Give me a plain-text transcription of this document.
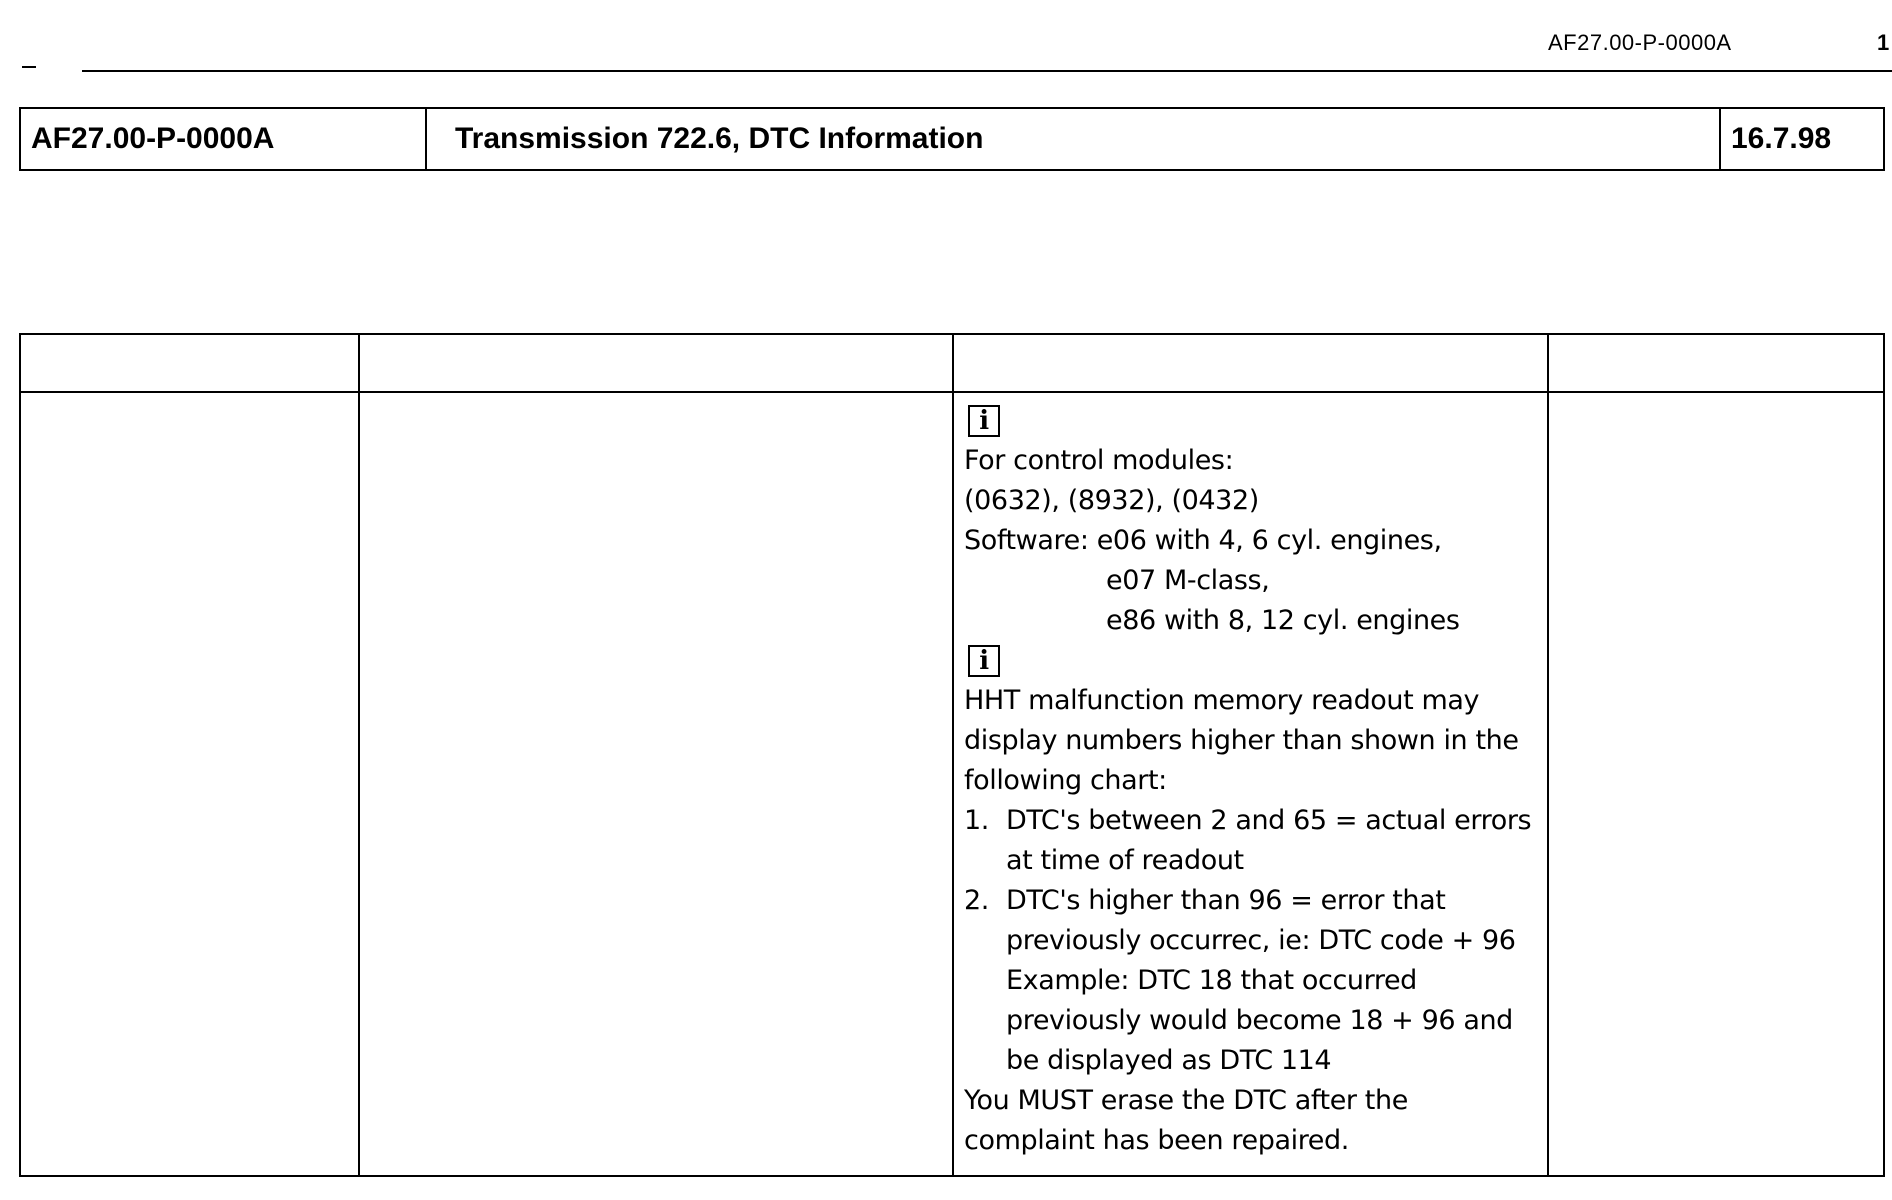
AF27.00-P-0000A	1
AF27.00-P-0000A	Transmission 722.6, DTC Information	16.7.98
i
For control modules:
(0632), (8932), (0432)
Software: e06 with 4, 6 cyl. engines,
e07 M-class,
e86 with 8, 12 cyl. engines
i
HHT malfunction memory readout may
display numbers higher than shown in the
following chart:
1. DTC's between 2 and 65 = actual errors
at time of readout
2. DTC's higher than 96 = error that
previously occurrec, ie: DTC code + 96
Example: DTC 18 that occurred
previously would become 18 + 96 and
be displayed as DTC 114
You MUST erase the DTC after the
complaint has been repaired.
